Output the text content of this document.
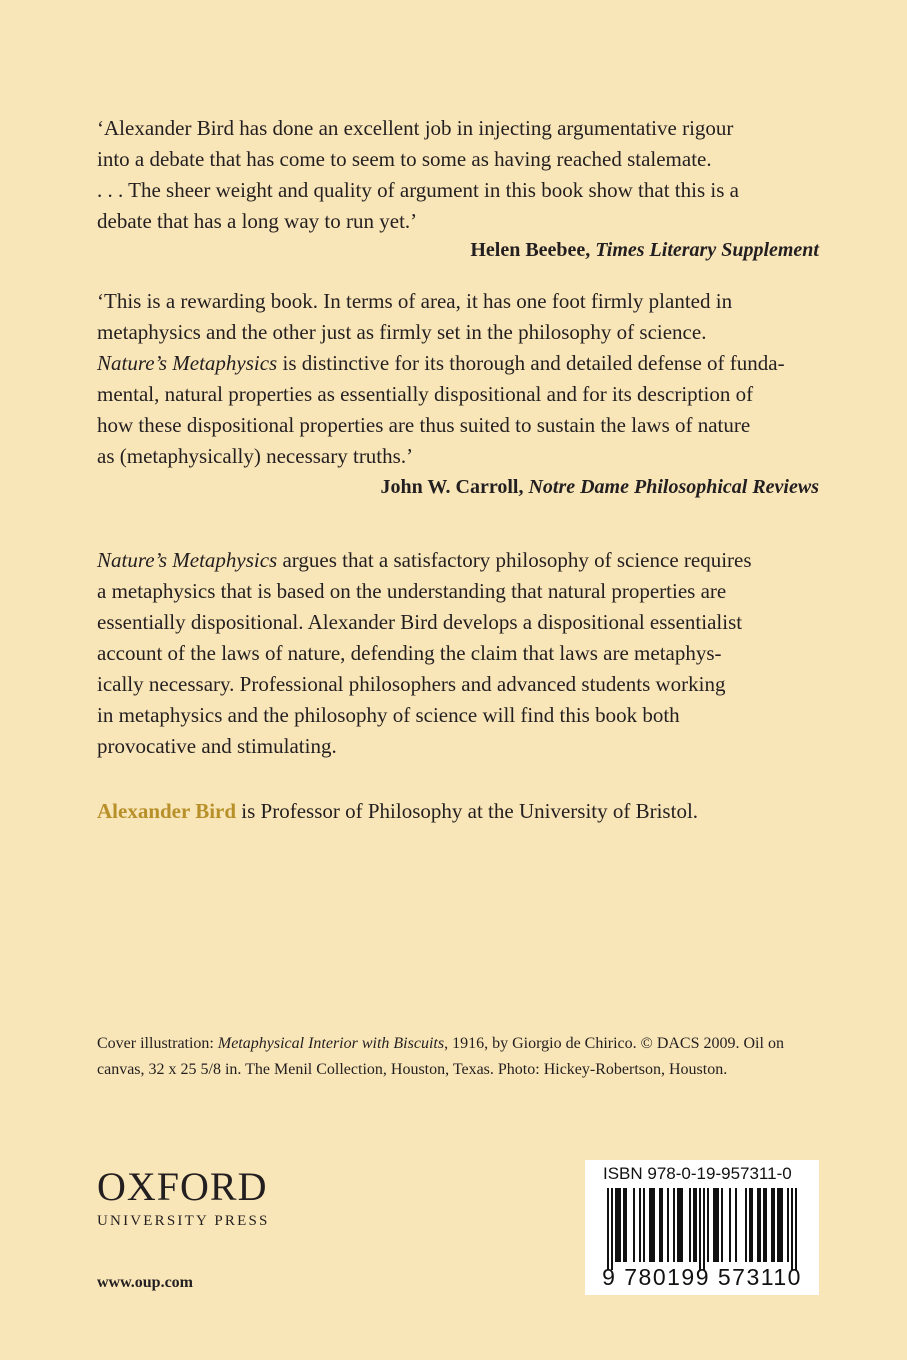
‘Alexander Bird has done an excellent job in injecting argumentative rigour
into a debate that has come to seem to some as having reached stalemate.
. . . The sheer weight and quality of argument in this book show that this is a
debate that has a long way to run yet.’
Helen Beebee, Times Literary Supplement
‘This is a rewarding book. In terms of area, it has one foot firmly planted in
metaphysics and the other just as firmly set in the philosophy of science.
Nature’s Metaphysics is distinctive for its thorough and detailed defense of funda-
mental, natural properties as essentially dispositional and for its description of
how these dispositional properties are thus suited to sustain the laws of nature
as (metaphysically) necessary truths.’
John W. Carroll, Notre Dame Philosophical Reviews
Nature’s Metaphysics argues that a satisfactory philosophy of science requires
a metaphysics that is based on the understanding that natural properties are
essentially dispositional. Alexander Bird develops a dispositional essentialist
account of the laws of nature, defending the claim that laws are metaphys-
ically necessary. Professional philosophers and advanced students working
in metaphysics and the philosophy of science will find this book both
provocative and stimulating.
Alexander Bird is Professor of Philosophy at the University of Bristol.
Cover illustration: Metaphysical Interior with Biscuits, 1916, by Giorgio de Chirico. © DACS 2009. Oil on
canvas, 32 x 25 5/8 in. The Menil Collection, Houston, Texas. Photo: Hickey-Robertson, Houston.
OXFORD
UNIVERSITY PRESS
www.oup.com
ISBN 978-0-19-957311-0
9 780199 573110
